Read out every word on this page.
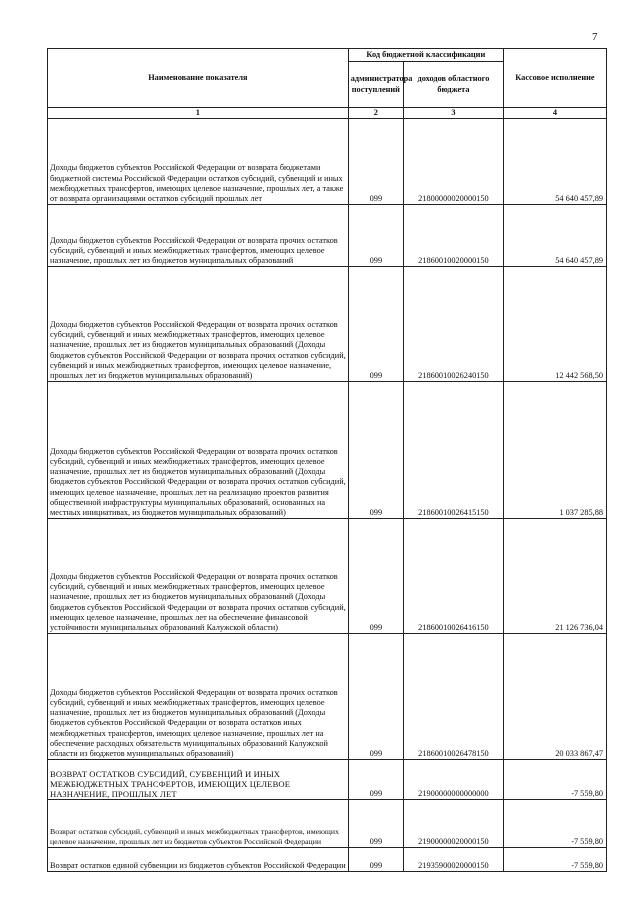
7
Наименование показателя	Код бюджетной классификации		Кассовое исполнение
	администратора поступлений	доходов областного бюджета	
1	2	3	4
Доходы бюджетов субъектов Российской Федерации от возврата бюджетами бюджетной системы Российской Федерации остатков субсидий, субвенций и иных межбюджетных трансфертов, имеющих целевое назначение, прошлых лет, а также от возврата организациями остатков субсидий прошлых лет	099	21800000020000150	54 640 457,89
Доходы бюджетов субъектов Российской Федерации от возврата прочих остатков субсидий, субвенций и иных межбюджетных трансфертов, имеющих целевое назначение, прошлых лет из бюджетов муниципальных образований	099	21860010020000150	54 640 457,89
Доходы бюджетов субъектов Российской Федерации от возврата прочих остатков субсидий, субвенций и иных межбюджетных трансфертов, имеющих целевое назначение, прошлых лет из бюджетов муниципальных образований (Доходы бюджетов субъектов Российской Федерации от возврата прочих остатков субсидий, субвенций и иных межбюджетных трансфертов, имеющих целевое назначение, прошлых лет из бюджетов муниципальных образований)	099	21860010026240150	12 442 568,50
Доходы бюджетов субъектов Российской Федерации от возврата прочих остатков субсидий, субвенций и иных межбюджетных трансфертов, имеющих целевое назначение, прошлых лет из бюджетов муниципальных образований (Доходы бюджетов субъектов Российской Федерации от возврата прочих остатков субсидий, имеющих целевое назначение, прошлых лет на реализацию проектов развития общественной инфраструктуры муниципальных образований, основанных на местных инициативах, из бюджетов муниципальных образований)	099	21860010026415150	1 037 285,88
Доходы бюджетов субъектов Российской Федерации от возврата прочих остатков субсидий, субвенций и иных межбюджетных трансфертов, имеющих целевое назначение, прошлых лет из бюджетов муниципальных образований (Доходы бюджетов субъектов Российской Федерации от возврата прочих остатков субсидий, имеющих целевое назначение, прошлых лет на обеспечение финансовой устойчивости муниципальных образований Калужской области)	099	21860010026416150	21 126 736,04
Доходы бюджетов субъектов Российской Федерации от возврата прочих остатков субсидий, субвенций и иных межбюджетных трансфертов, имеющих целевое назначение, прошлых лет из бюджетов муниципальных образований (Доходы бюджетов субъектов Российской Федерации от возврата остатков иных межбюджетных трансфертов, имеющих целевое назначение, прошлых лет на обеспечение расходных обязательств муниципальных образований Калужской области из бюджетов муниципальных образований)	099	21860010026478150	20 033 867,47
ВОЗВРАТ ОСТАТКОВ СУБСИДИЙ, СУБВЕНЦИЙ И ИНЫХ МЕЖБЮДЖЕТНЫХ ТРАНСФЕРТОВ, ИМЕЮЩИХ ЦЕЛЕВОЕ НАЗНАЧЕНИЕ, ПРОШЛЫХ ЛЕТ	099	21900000000000000	-7 559,80
Возврат остатков субсидий, субвенций и иных межбюджетных трансфертов, имеющих целевое назначение, прошлых лет из бюджетов субъектов Российской Федерации	099	21900000020000150	-7 559,80
Возврат остатков единой субвенции из бюджетов субъектов Российской Федерации	099	21935900020000150	-7 559,80
